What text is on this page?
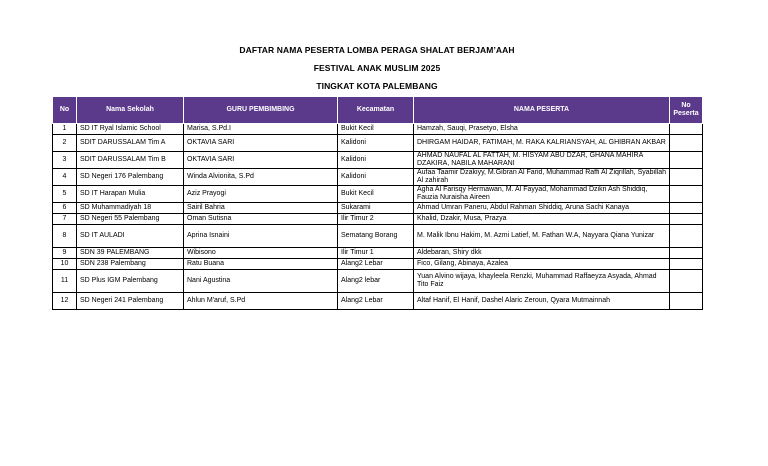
DAFTAR NAMA PESERTA LOMBA PERAGA SHALAT BERJAM’AAH
FESTIVAL ANAK MUSLIM 2025
TINGKAT KOTA PALEMBANG
No	Nama Sekolah	GURU PEMBIMBING	Kecamatan	NAMA PESERTA	No Peserta
1	SD IT Ryal Islamic School	Marisa, S.Pd.I	Bukit Kecil	Hamzah, Sauqi, Prasetyo, Elsha	
2	SDIT DARUSSALAM Tim A	OKTAVIA SARI	Kalidoni	DHIRGAM HAIDAR, FATIMAH, M. RAKA KALRIANSYAH, AL GHIBRAN AKBAR	
3	SDIT DARUSSALAM Tim B	OKTAVIA SARI	Kalidoni	AHMAD NAUFAL AL FATTAH, M. HISYAM ABU DZAR, GHANA MAHIRA DZAKIRA, NABILA MAHARANI	
4	SD Negeri 176 Palembang	Winda Alvionita, S.Pd	Kalidoni	Aufaa Taamir Dzakiyy, M.Gibran Al Farid, Muhammad Raffi Al Ziqrillah, Syabillah Al zahirah	
5	SD IT Harapan Mulia	Aziz Prayogi	Bukit Kecil	Agha Al Farisqy Hermawan, M. Al Fayyad, Mohammad Dzikri Ash Shiddiq, Fauzia Nuraisha Aireen	
6	SD Muhammadiyah 18	Sairil Bahria	Sukarami	Ahmad Umran Paneru, Abdul Rahman Shiddiq, Aruna Sachi Kanaya	
7	SD Negeri 55 Palembang	Oman Sutisna	Ilir Timur 2	Khalid, Dzakir, Musa, Prazya	
8	SD IT AULADI	Aprina Isnaini	Sematang Borang	M. Malik Ibnu Hakim, M. Azmi Latief, M. Fathan W.A, Nayyara Qiana Yunizar	
9	SDN 39 PALEMBANG	Wibisono	Ilir Timur 1	Aldebaran, Shiry dkk	
10	SDN 238 Palembang	Ratu Buana	Alang2 Lebar	Fico, Gilang, Abinaya, Azalea	
11	SD Plus IGM Palembang	Nani Agustina	Alang2 lebar	Yuan Alvino wijaya, khayleela Renzki, Muhammad Raffaeyza Asyada, Ahmad Tito Faiz	
12	SD Negeri 241 Palembang	Ahlun M'aruf, S.Pd	Alang2 Lebar	Altaf Hanif, El Hanif, Dashel Alaric Zeroun, Qyara Mutmainnah	
